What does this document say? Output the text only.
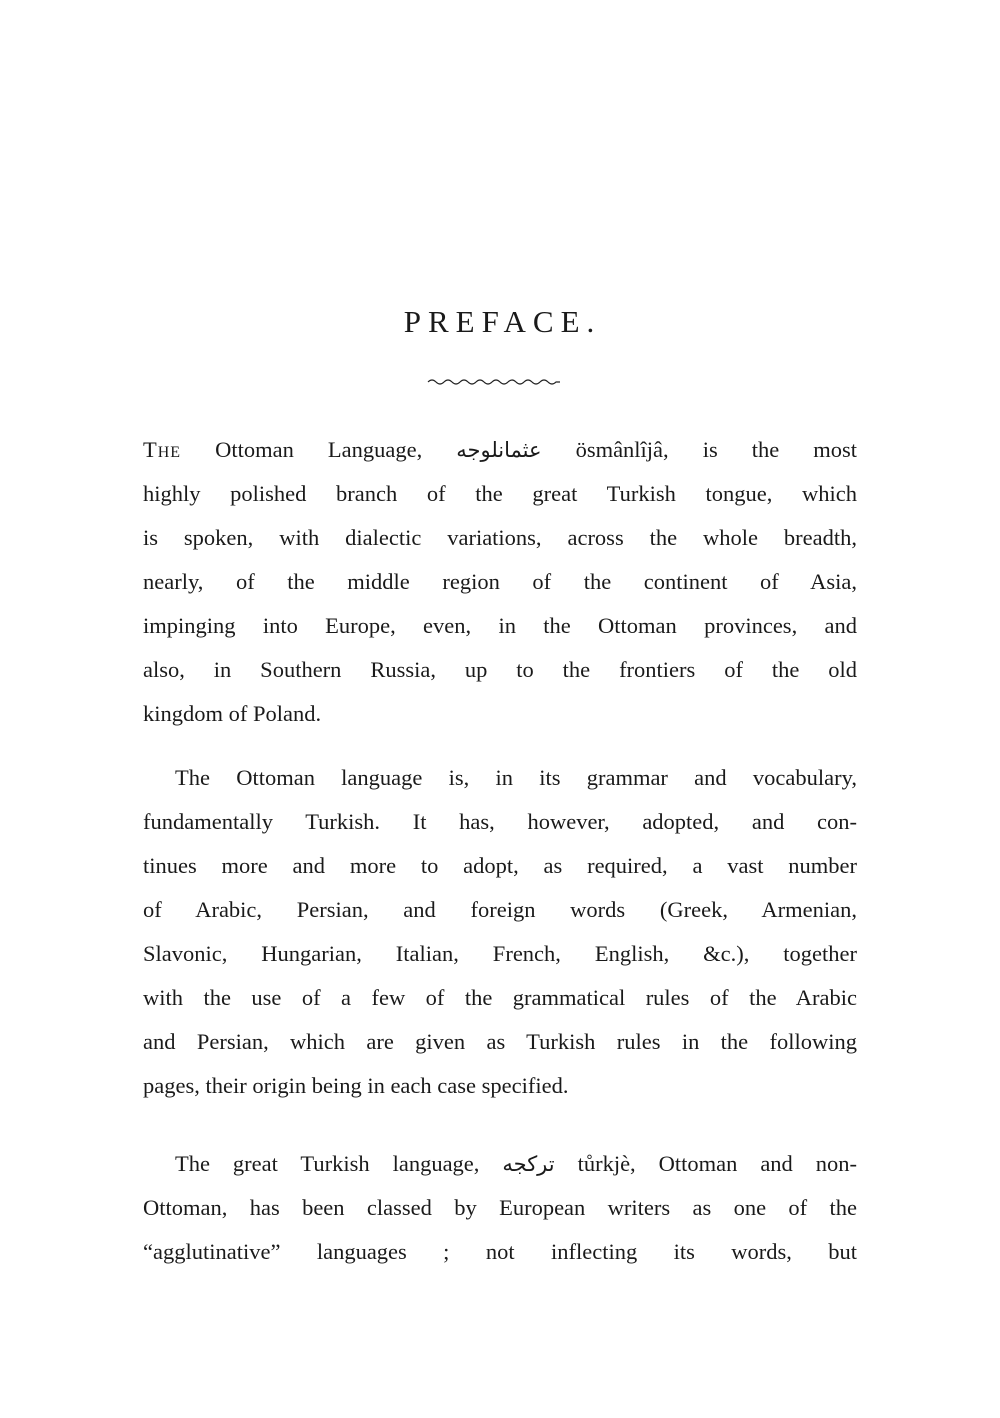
PREFACE.
The Ottoman Language, عثمانلوجه ösmânlîjâ, is the most
highly polished branch of the great Turkish tongue, which
is spoken, with dialectic variations, across the whole breadth,
nearly, of the middle region of the continent of Asia,
impinging into Europe, even, in the Ottoman provinces, and
also, in Southern Russia, up to the frontiers of the old
kingdom of Poland.
The Ottoman language is, in its grammar and vocabulary,
fundamentally Turkish. It has, however, adopted, and con-
tinues more and more to adopt, as required, a vast number
of Arabic, Persian, and foreign words (Greek, Armenian,
Slavonic, Hungarian, Italian, French, English, &c.), together
with the use of a few of the grammatical rules of the Arabic
and Persian, which are given as Turkish rules in the following
pages, their origin being in each case specified.
The great Turkish language, ترکجه tůrkjè, Ottoman and non-
Ottoman, has been classed by European writers as one of the
“agglutinative” languages ; not inflecting its words, but
